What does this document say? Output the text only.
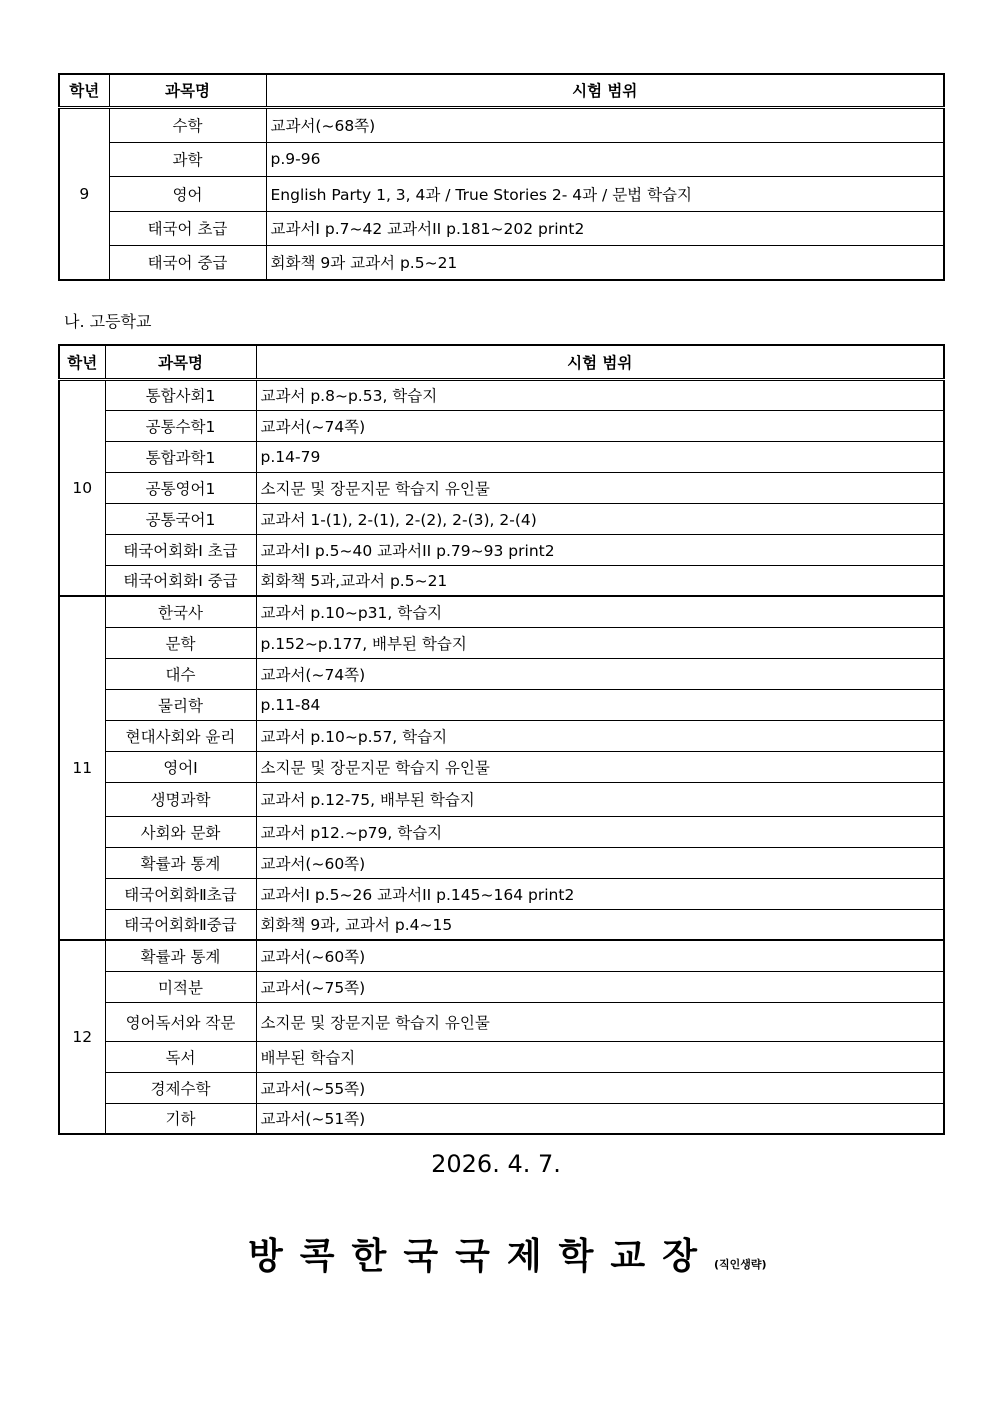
학년	과목명	시험 범위
9	수학	교과서(~68쪽)
	과학	p.9-96
	영어	English Party 1, 3, 4과 / True Stories 2- 4과 / 문법 학습지
	태국어 초급	교과서I p.7~42 교과서II p.181~202 print2
	태국어 중급	회화책 9과 교과서 p.5~21
나. 고등학교
학년	과목명	시험 범위
10	통합사회1	교과서 p.8~p.53, 학습지
	공통수학1	교과서(~74쪽)
	통합과학1	p.14-79
	공통영어1	소지문 및 장문지문 학습지 유인물
	공통국어1	교과서 1-(1), 2-(1), 2-(2), 2-(3), 2-(4)
	태국어회화Ⅰ 초급	교과서I p.5~40 교과서II p.79~93 print2
	태국어회화Ⅰ 중급	회화책 5과,교과서 p.5~21
11	한국사	교과서 p.10~p31, 학습지
	문학	p.152~p.177, 배부된 학습지
	대수	교과서(~74쪽)
	물리학	p.11-84
	현대사회와 윤리	교과서 p.10~p.57, 학습지
	영어Ⅰ	소지문 및 장문지문 학습지 유인물
	생명과학	교과서 p.12-75, 배부된 학습지
	사회와 문화	교과서 p12.~p79, 학습지
	확률과 통계	교과서(~60쪽)
	태국어회화Ⅱ초급	교과서I p.5~26 교과서II p.145~164 print2
	태국어회화Ⅱ중급	회화책 9과, 교과서 p.4~15
12	확률과 통계	교과서(~60쪽)
	미적분	교과서(~75쪽)
	영어독서와 작문	소지문 및 장문지문 학습지 유인물
	독서	배부된 학습지
	경제수학	교과서(~55쪽)
	기하	교과서(~51쪽)
2026. 4. 7.
방콕한국국제학교장(직인생략)
